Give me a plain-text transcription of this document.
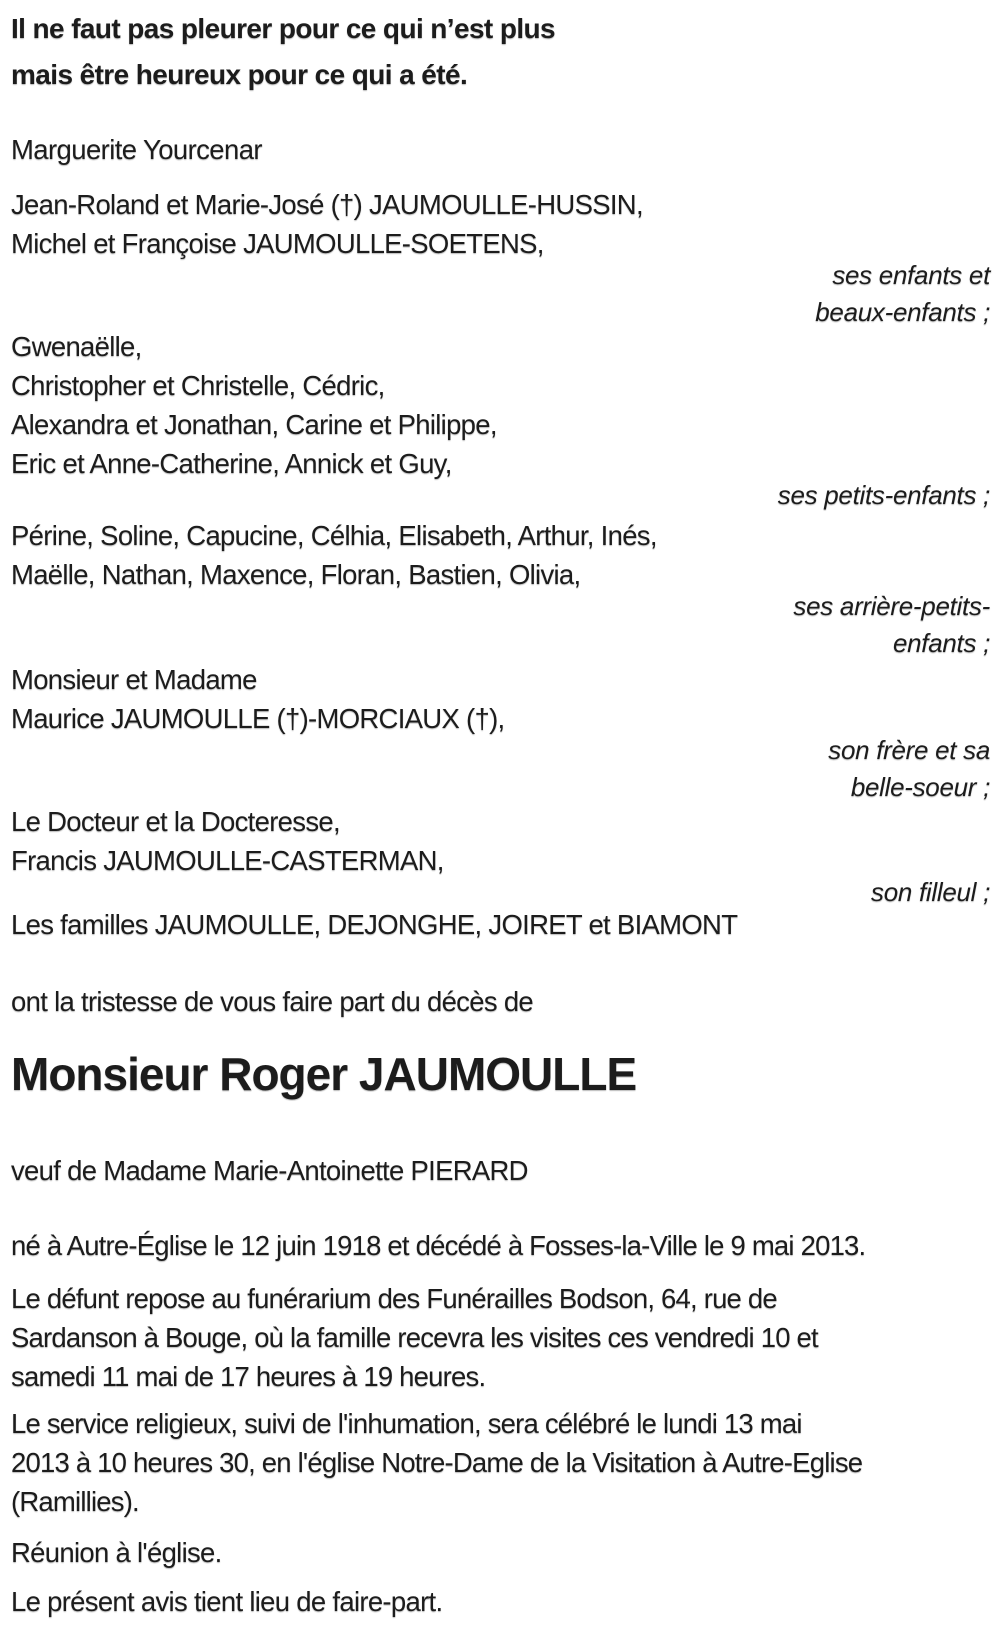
Il ne faut pas pleurer pour ce qui n’est plus
mais être heureux pour ce qui a été.
Marguerite Yourcenar
Jean-Roland et Marie-José (†) JAUMOULLE-HUSSIN,
Michel et Françoise JAUMOULLE-SOETENS,
ses enfants et
beaux-enfants ;
Gwenaëlle,
Christopher et Christelle, Cédric,
Alexandra et Jonathan, Carine et Philippe,
Eric et Anne-Catherine, Annick et Guy,
ses petits-enfants ;
Périne, Soline, Capucine, Célhia, Elisabeth, Arthur, Inés,
Maëlle, Nathan, Maxence, Floran, Bastien, Olivia,
ses arrière-petits-
enfants ;
Monsieur et Madame
Maurice JAUMOULLE (†)-MORCIAUX (†),
son frère et sa
belle-soeur ;
Le Docteur et la Docteresse,
Francis JAUMOULLE-CASTERMAN,
son filleul ;
Les familles JAUMOULLE, DEJONGHE, JOIRET et BIAMONT
ont la tristesse de vous faire part du décès de
Monsieur Roger JAUMOULLE
veuf de Madame Marie-Antoinette PIERARD
né à Autre-Église le 12 juin 1918 et décédé à Fosses-la-Ville le 9 mai 2013.
Le défunt repose au funérarium des Funérailles Bodson, 64, rue de
Sardanson à Bouge, où la famille recevra les visites ces vendredi 10 et
samedi 11 mai de 17 heures à 19 heures.
Le service religieux, suivi de l'inhumation, sera célébré le lundi 13 mai
2013 à 10 heures 30, en l'église Notre-Dame de la Visitation à Autre-Eglise
(Ramillies).
Réunion à l'église.
Le présent avis tient lieu de faire-part.
